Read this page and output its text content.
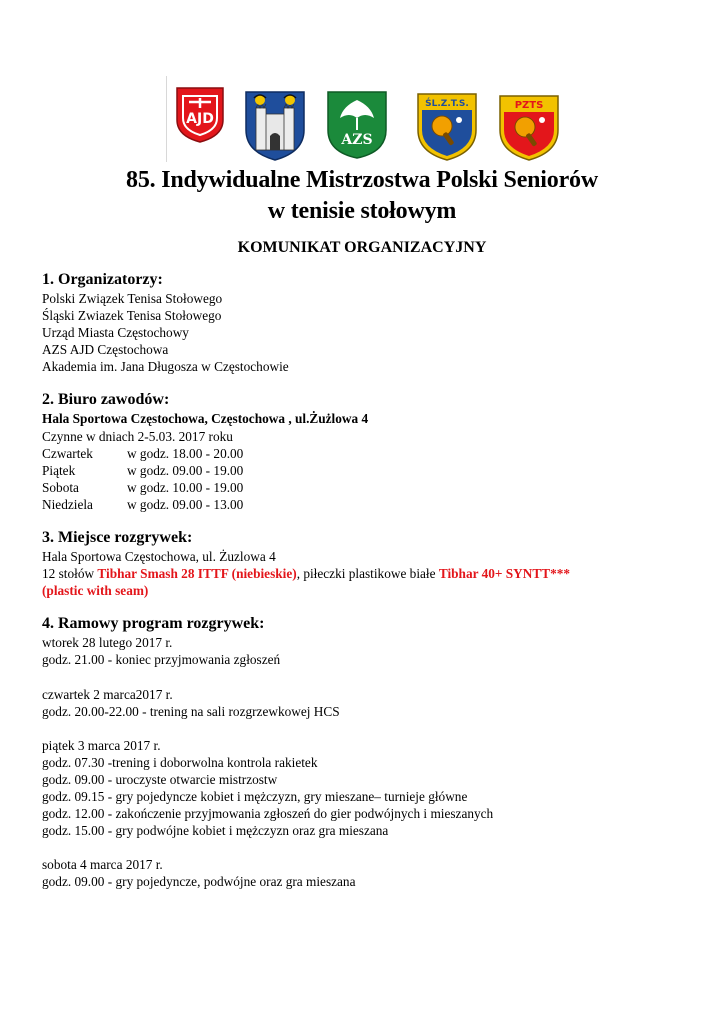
AJD
AZS
ŚL.Z.T.S.	PZTS
85. Indywidualne Mistrzostwa Polski Seniorów
w tenisie stołowym
KOMUNIKAT ORGANIZACYJNY
1. Organizatorzy:
Polski Związek Tenisa Stołowego
Śląski Zwiazek Tenisa Stołowego
Urząd Miasta Częstochowy
AZS AJD Częstochowa
Akademia im. Jana Długosza w Częstochowie
2. Biuro zawodów:
Hala Sportowa Częstochowa, Częstochowa , ul.Żużlowa 4
Czynne w dniach 2-5.03. 2017 roku
Czwartek	w godz. 18.00 - 20.00
Piątek	w godz. 09.00 - 19.00
Sobota	w godz. 10.00 - 19.00
Niedziela	w godz. 09.00 - 13.00
3. Miejsce rozgrywek:
Hala Sportowa Częstochowa, ul. Żuzlowa 4
12 stołów Tibhar Smash 28 ITTF (niebieskie), piłeczki plastikowe białe Tibhar 40+ SYNTT***
(plastic with seam)
4. Ramowy program rozgrywek:
wtorek 28 lutego 2017 r.
godz. 21.00 - koniec przyjmowania zgłoszeń
czwartek 2 marca2017 r.
godz. 20.00-22.00 - trening na sali rozgrzewkowej HCS
piątek 3 marca 2017 r.
godz. 07.30 -trening i doborwolna kontrola rakietek
godz. 09.00 - uroczyste otwarcie mistrzostw
godz. 09.15 - gry pojedyncze kobiet i mężczyzn, gry mieszane– turnieje główne
godz. 12.00 - zakończenie przyjmowania zgłoszeń do gier podwójnych i mieszanych
godz. 15.00 - gry podwójne kobiet i mężczyzn oraz gra mieszana
sobota 4 marca 2017 r.
godz. 09.00 - gry pojedyncze, podwójne oraz gra mieszana
